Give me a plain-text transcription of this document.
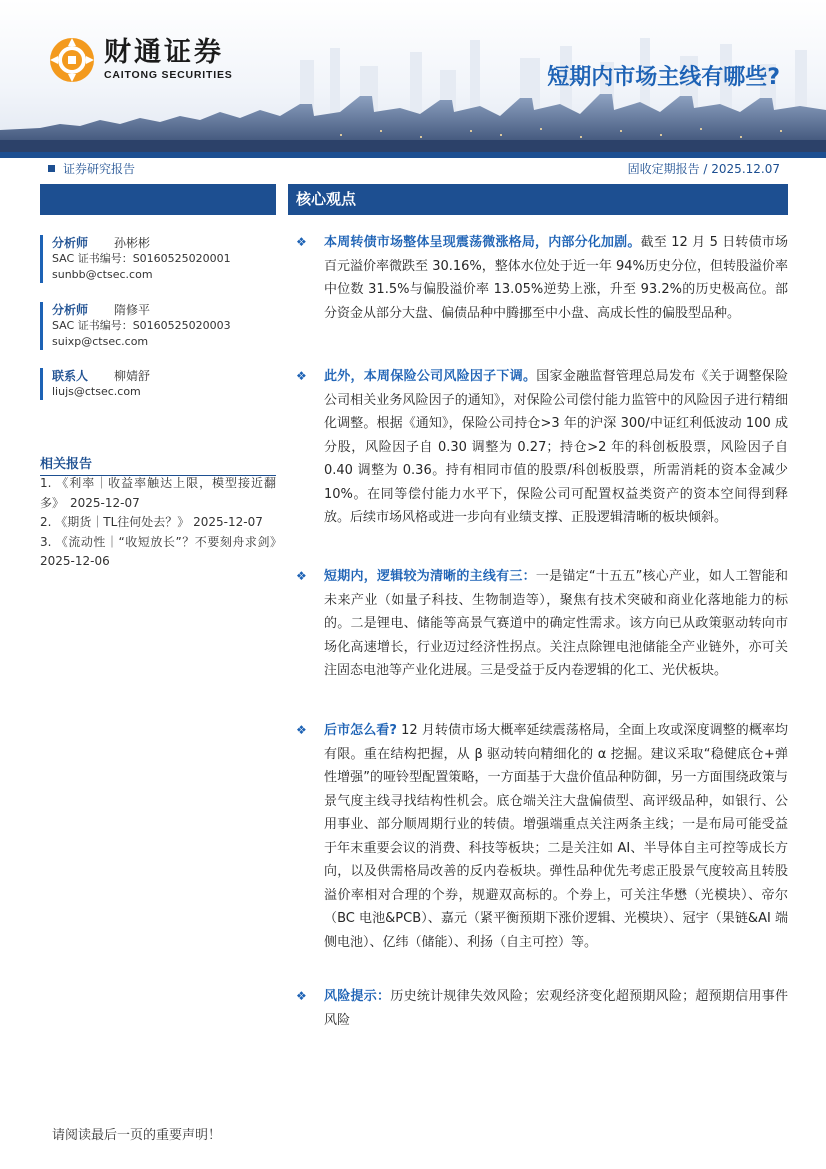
财通证券
CAITONG SECURITIES	短期内市场主线有哪些?
证券研究报告	固收定期报告 / 2025.12.07
分析师	孙彬彬
SAC 证书编号：S0160525020001
sunbb@ctsec.com
分析师	隋修平
SAC 证书编号：S0160525020003
suixp@ctsec.com
联系人	柳婧舒
liujs@ctsec.com
相关报告
1. 《利率｜收益率触达上限，模型接近翻多》　2025-12-07
2. 《期货｜TL往何处去？》 2025-12-07
3. 《流动性｜“收短放长”？不要刻舟求剑》　2025-12-06
核心观点
❖	本周转债市场整体呈现震荡微涨格局，内部分化加剧。截至 12 月 5 日转债市场百元溢价率微跌至 30.16%，整体水位处于近一年 94%历史分位，但转股溢价率中位数 31.5%与偏股溢价率 13.05%逆势上涨，升至 93.2%的历史极高位。部分资金从部分大盘、偏债品种中腾挪至中小盘、高成长性的偏股型品种。
❖	此外，本周保险公司风险因子下调。国家金融监督管理总局发布《关于调整保险公司相关业务风险因子的通知》，对保险公司偿付能力监管中的风险因子进行精细化调整。根据《通知》，保险公司持仓>3 年的沪深 300/中证红利低波动 100 成分股，风险因子自 0.30 调整为 0.27；持仓>2 年的科创板股票，风险因子自 0.40 调整为 0.36。持有相同市值的股票/科创板股票，所需消耗的资本金减少 10%。在同等偿付能力水平下，保险公司可配置权益类资产的资本空间得到释放。后续市场风格或进一步向有业绩支撑、正股逻辑清晰的板块倾斜。
❖	短期内，逻辑较为清晰的主线有三：一是锚定“十五五”核心产业，如人工智能和未来产业（如量子科技、生物制造等），聚焦有技术突破和商业化落地能力的标的。二是锂电、储能等高景气赛道中的确定性需求。该方向已从政策驱动转向市场化高速增长，行业迈过经济性拐点。关注点除锂电池储能全产业链外，亦可关注固态电池等产业化进展。三是受益于反内卷逻辑的化工、光伏板块。
❖	后市怎么看? 12 月转债市场大概率延续震荡格局，全面上攻或深度调整的概率均有限。重在结构把握，从 β 驱动转向精细化的 α 挖掘。建议采取“稳健底仓+弹性增强”的哑铃型配置策略，一方面基于大盘价值品种防御，另一方面围绕政策与景气度主线寻找结构性机会。底仓端关注大盘偏债型、高评级品种，如银行、公用事业、部分顺周期行业的转债。增强端重点关注两条主线；一是布局可能受益于年末重要会议的消费、科技等板块；二是关注如 AI、半导体自主可控等成长方向，以及供需格局改善的反内卷板块。弹性品种优先考虑正股景气度较高且转股溢价率相对合理的个券，规避双高标的。个券上，可关注华懋（光模块）、帝尔（BC 电池&PCB）、嘉元（紧平衡预期下涨价逻辑、光模块）、冠宇（果链&AI 端侧电池）、亿纬（储能）、利扬（自主可控）等。
❖	风险提示：历史统计规律失效风险；宏观经济变化超预期风险；超预期信用事件风险
请阅读最后一页的重要声明！
